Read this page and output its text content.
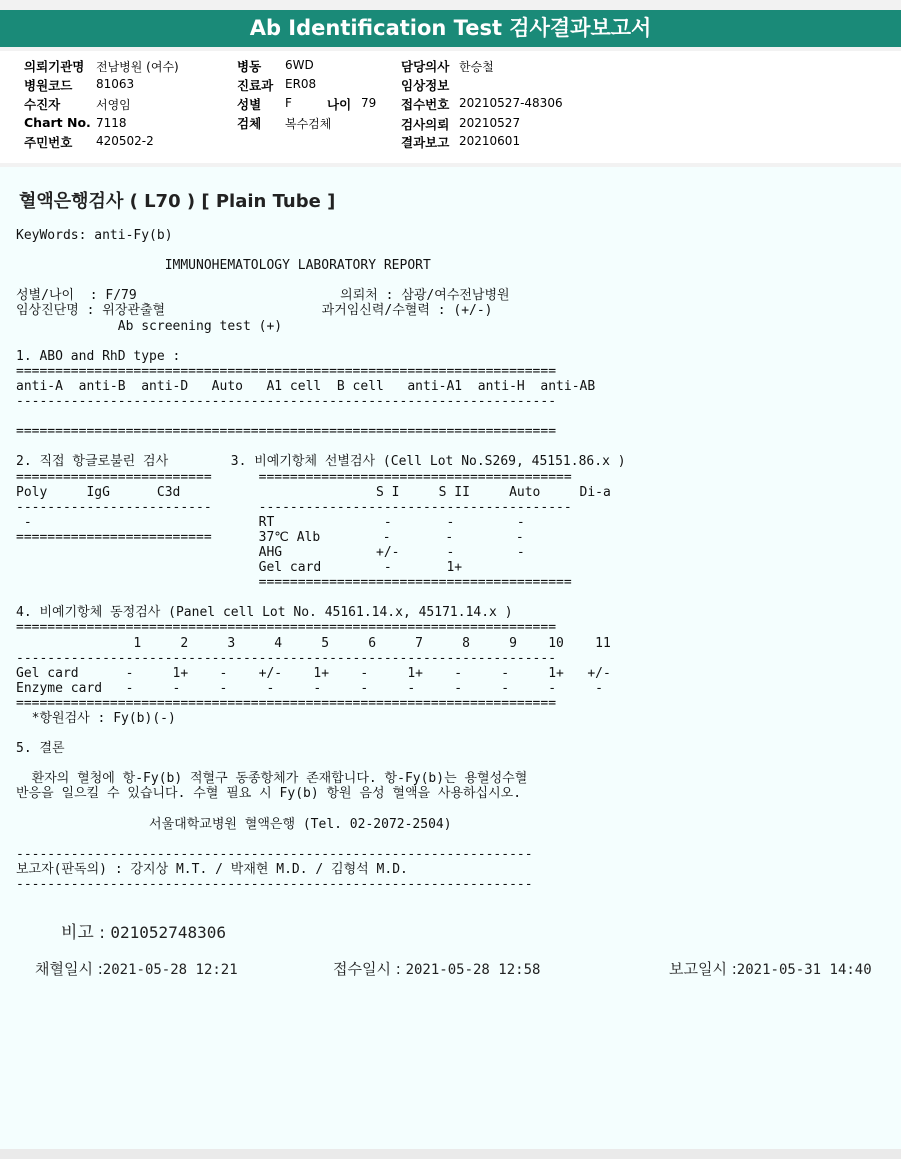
Ab Identification Test 검사결과보고서
의뢰기관명 전남병원 (여수)
병원코드 81063
수진자	서영임
Chart No. 7118
주민번호 420502-2
병동 6WD
진료과 ER08
성별 F	나이 79
검체 복수검체
담당의사 한승철
임상정보
접수번호 20210527-48306
검사의뢰 20210527
결과보고 20210601
혈액은행검사 ( L70 ) [ Plain Tube ]
KeyWords: anti-Fy(b)

IMMUNOHEMATOLOGY LABORATORY REPORT

성별/나이  : F/79                          의뢰처 : 삼광/여수전남병원
임상진단명 : 위장관출혈                    과거임신력/수혈력 : (+/-)
Ab screening test (+)

1. ABO and RhD type :
=====================================================================
anti-A  anti-B  anti-D   Auto   A1 cell  B cell   anti-A1  anti-H  anti-AB
---------------------------------------------------------------------

=====================================================================

2. 직접 항글로불린 검사        3. 비예기항체 선별검사 (Cell Lot No.S269, 45151.86.x )
=========================      ========================================
Poly     IgG      C3d                         S I     S II     Auto     Di-a
-------------------------      ----------------------------------------
-                             RT              -       -        -
=========================      37℃ Alb        -       -        -
AHG            +/-      -        -
Gel card        -       1+
========================================

4. 비예기항체 동정검사 (Panel cell Lot No. 45161.14.x, 45171.14.x )
=====================================================================
1     2     3     4     5     6     7     8     9    10    11
---------------------------------------------------------------------
Gel card      -     1+    -    +/-    1+    -     1+    -     -     1+   +/-
Enzyme card   -     -     -     -     -     -     -     -     -     -     -
=====================================================================
*항원검사 : Fy(b)(-)

5. 결론

환자의 혈청에 항-Fy(b) 적혈구 동종항체가 존재합니다. 항-Fy(b)는 용혈성수혈
반응을 일으킬 수 있습니다. 수혈 필요 시 Fy(b) 항원 음성 혈액을 사용하십시오.

서울대학교병원 혈액은행 (Tel. 02-2072-2504)

------------------------------------------------------------------
보고자(판독의) : 강지상 M.T. / 박재현 M.D. / 김형석 M.D.
------------------------------------------------------------------
비고 : 021052748306
채혈일시 :2021-05-28 12:21	접수일시 : 2021-05-28 12:58	보고일시 :2021-05-31 14:40
